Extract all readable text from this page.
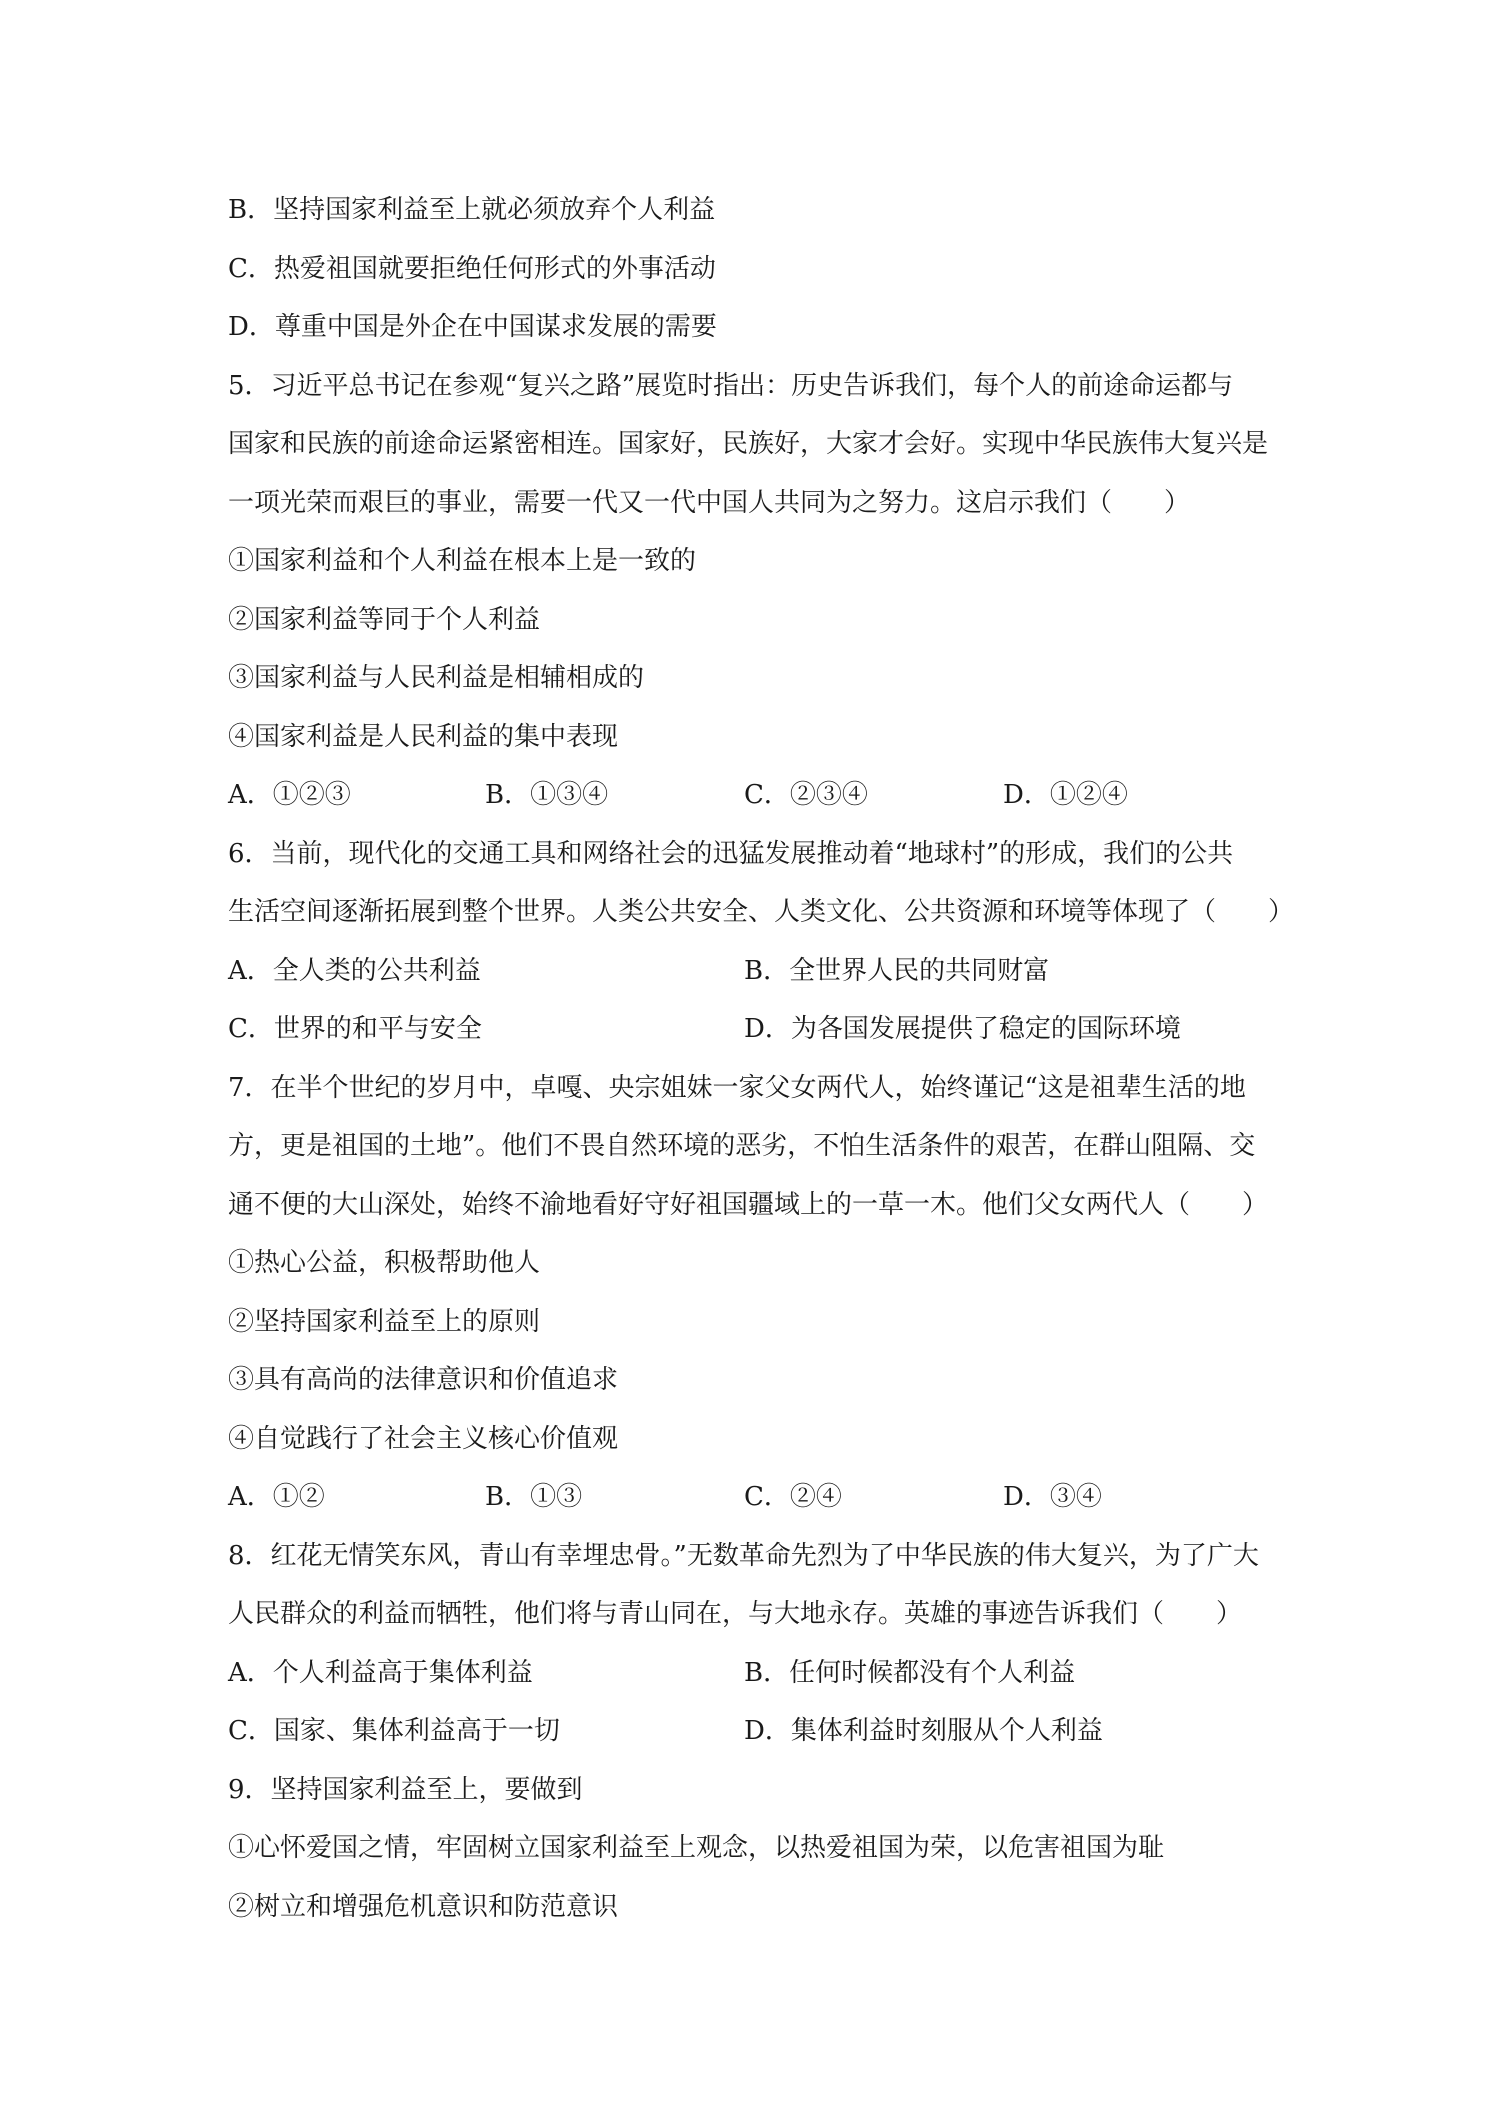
B．坚持国家利益至上就必须放弃个人利益
C．热爱祖国就要拒绝任何形式的外事活动
D．尊重中国是外企在中国谋求发展的需要
5．习近平总书记在参观“复兴之路”展览时指出：历史告诉我们，每个人的前途命运都与
国家和民族的前途命运紧密相连。国家好，民族好，大家才会好。实现中华民族伟大复兴是
一项光荣而艰巨的事业，需要一代又一代中国人共同为之努力。这启示我们（　　）
①国家利益和个人利益在根本上是一致的
②国家利益等同于个人利益
③国家利益与人民利益是相辅相成的
④国家利益是人民利益的集中表现
A．①②③	B．①③④	C．②③④	D．①②④
6．当前，现代化的交通工具和网络社会的迅猛发展推动着“地球村”的形成，我们的公共
生活空间逐渐拓展到整个世界。人类公共安全、人类文化、公共资源和环境等体现了（　　）
A．全人类的公共利益	B．全世界人民的共同财富
C．世界的和平与安全	D．为各国发展提供了稳定的国际环境
7．在半个世纪的岁月中，卓嘎、央宗姐妹一家父女两代人，始终谨记“这是祖辈生活的地
方，更是祖国的土地”。他们不畏自然环境的恶劣，不怕生活条件的艰苦，在群山阻隔、交
通不便的大山深处，始终不渝地看好守好祖国疆域上的一草一木。他们父女两代人（　　）
①热心公益，积极帮助他人
②坚持国家利益至上的原则
③具有高尚的法律意识和价值追求
④自觉践行了社会主义核心价值观
A．①②	B．①③	C．②④	D．③④
8．红花无情笑东风，青山有幸埋忠骨。”无数革命先烈为了中华民族的伟大复兴，为了广大
人民群众的利益而牺牲，他们将与青山同在，与大地永存。英雄的事迹告诉我们（　　）
A．个人利益高于集体利益	B．任何时候都没有个人利益
C．国家、集体利益高于一切	D．集体利益时刻服从个人利益
9．坚持国家利益至上，要做到
①心怀爱国之情，牢固树立国家利益至上观念，以热爱祖国为荣，以危害祖国为耻
②树立和增强危机意识和防范意识
